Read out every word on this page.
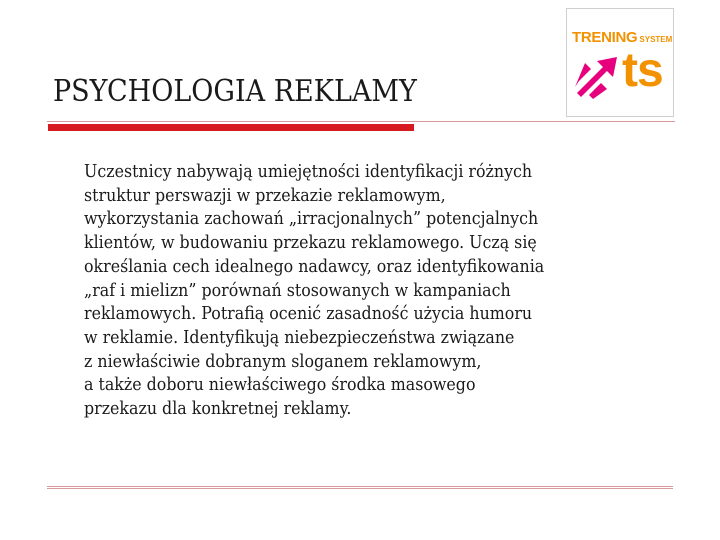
PSYCHOLOGIA REKLAMY
TRENING SYSTEM
ts
Uczestnicy nabywają umiejętności identyfikacji różnych
struktur perswazji w przekazie reklamowym,
wykorzystania zachowań „irracjonalnych” potencjalnych
klientów, w budowaniu przekazu reklamowego. Uczą się
określania cech idealnego nadawcy, oraz identyfikowania
„raf i mielizn” porównań stosowanych w kampaniach
reklamowych. Potrafią ocenić zasadność użycia humoru
w reklamie. Identyfikują niebezpieczeństwa związane
z niewłaściwie dobranym sloganem reklamowym,
a także doboru niewłaściwego środka masowego
przekazu dla konkretnej reklamy.
